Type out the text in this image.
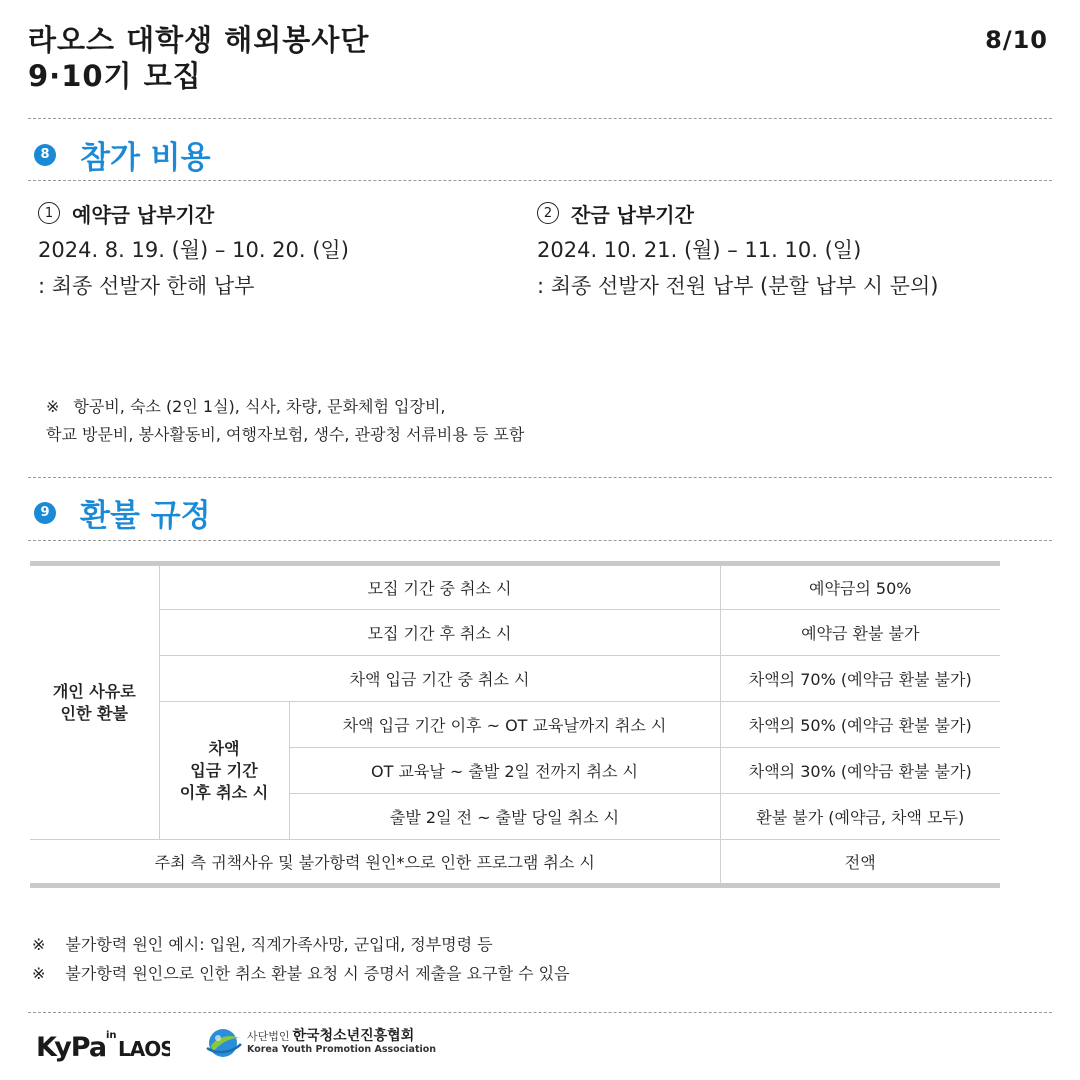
라오스 대학생 해외봉사단
9·10기 모집
8/10
8 참가 비용
1 예약금 납부기간
2024. 8. 19. (월) – 10. 20. (일)
: 최종 선발자 한해 납부
2 잔금 납부기간
2024. 10. 21. (월) – 11. 10. (일)
: 최종 선발자 전원 납부 (분할 납부 시 문의)
※ 항공비, 숙소 (2인 1실), 식사, 차량, 문화체험 입장비,
학교 방문비, 봉사활동비, 여행자보험, 생수, 관광청 서류비용 등 포함
9 환불 규정
개인 사유로
인한 환불	모집 기간 중 취소 시		예약금의 50%
	모집 기간 후 취소 시		예약금 환불 불가
	차액 입금 기간 중 취소 시		차액의 70% (예약금 환불 불가)

	차액
입금 기간
이후 취소 시	차액 입금 기간 이후 ~ OT 교육날까지 취소 시	차액의 50% (예약금 환불 불가)
		OT 교육날 ~ 출발 2일 전까지 취소 시	차액의 30% (예약금 환불 불가)
		출발 2일 전 ~ 출발 당일 취소 시	환불 불가 (예약금, 차액 모두)
주최 측 귀책사유 및 불가항력 원인*으로 인한 프로그램 취소 시			전액
※ 불가항력 원인 예시: 입원, 직계가족사망, 군입대, 정부명령 등
※ 불가항력 원인으로 인한 취소 환불 요청 시 증명서 제출을 요구할 수 있음
KyPa in
LAOS
사단법인 한국청소년진흥협회
Korea Youth Promotion Association
